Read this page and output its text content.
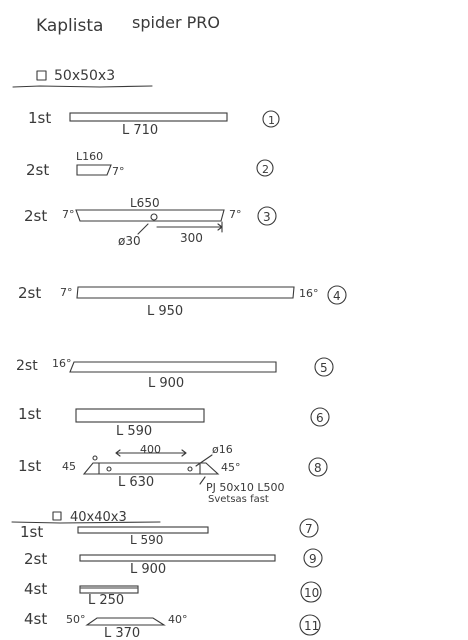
Kaplista spider PRO
50x50x3
1st
L 710
1
2st
L160
7°	2
2st 7°
L650
7°
ø30	300
3
2st 7°	16°
L 950
4
2st 16°
L 900
5
1st
L 590
6
1st 45
400	ø16
45°
L 630	PJ 50x10 L500
Svetsas fast
8
40x40x3
1st	L 590
7
2st
L 900
9
4st
L 250	10
4st 50°	40°
L 370	11
